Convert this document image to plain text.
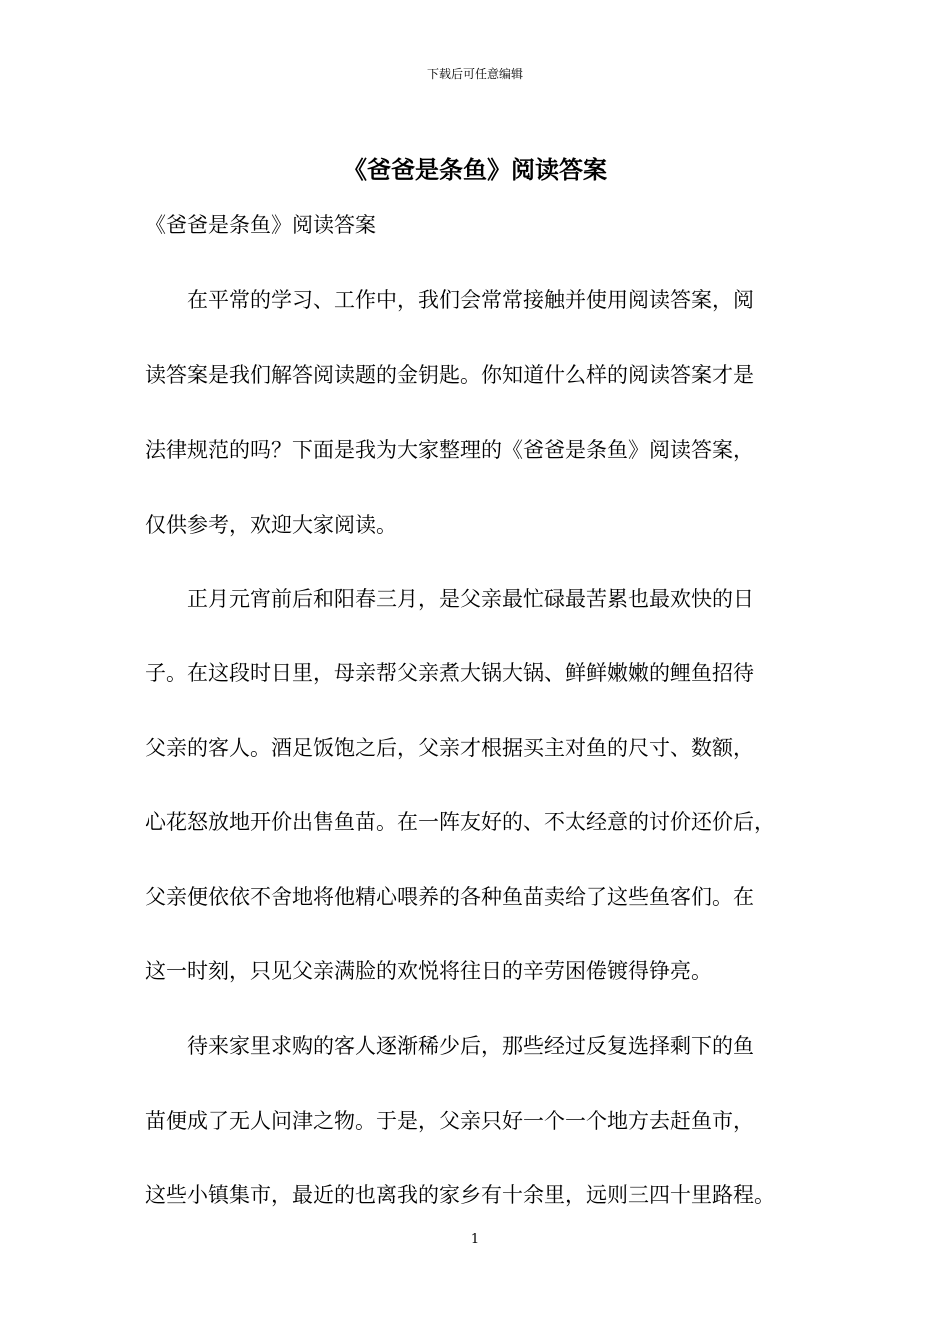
下载后可任意编辑
《爸爸是条鱼》阅读答案
《爸爸是条鱼》阅读答案
　　在平常的学习、工作中，我们会常常接触并使用阅读答案，阅
读答案是我们解答阅读题的金钥匙。你知道什么样的阅读答案才是
法律规范的吗？下面是我为大家整理的《爸爸是条鱼》阅读答案，
仅供参考，欢迎大家阅读。
　　正月元宵前后和阳春三月，是父亲最忙碌最苦累也最欢快的日
子。在这段时日里，母亲帮父亲煮大锅大锅、鲜鲜嫩嫩的鲤鱼招待
父亲的客人。酒足饭饱之后，父亲才根据买主对鱼的尺寸、数额，
心花怒放地开价出售鱼苗。在一阵友好的、不太经意的讨价还价后，
父亲便依依不舍地将他精心喂养的各种鱼苗卖给了这些鱼客们。在
这一时刻，只见父亲满脸的欢悦将往日的辛劳困倦镀得铮亮。
　　待来家里求购的客人逐渐稀少后，那些经过反复选择剩下的鱼
苗便成了无人问津之物。于是，父亲只好一个一个地方去赶鱼市，
这些小镇集市，最近的也离我的家乡有十余里，远则三四十里路程。
1
